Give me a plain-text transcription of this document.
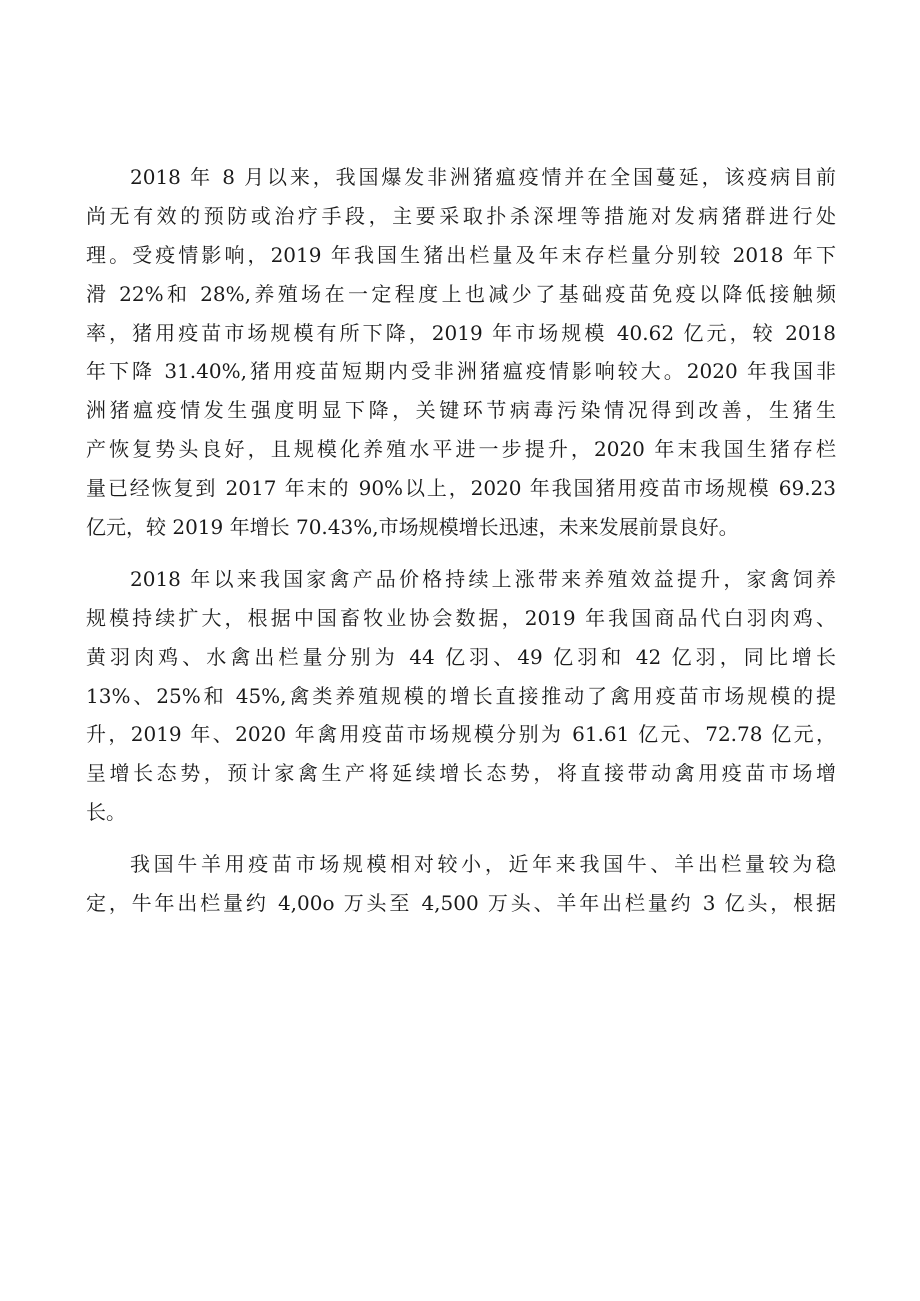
2018 年 8 月以来，我国爆发非洲猪瘟疫情并在全国蔓延，该疫病目前
尚无有效的预防或治疗手段，主要采取扑杀深埋等措施对发病猪群进行处
理。受疫情影响，2019 年我国生猪出栏量及年末存栏量分别较 2018 年下
滑 22%和 28%,养殖场在一定程度上也减少了基础疫苗免疫以降低接触频
率，猪用疫苗市场规模有所下降，2019 年市场规模 40.62 亿元，较 2018
年下降 31.40%,猪用疫苗短期内受非洲猪瘟疫情影响较大。2020 年我国非
洲猪瘟疫情发生强度明显下降，关键环节病毒污染情况得到改善，生猪生
产恢复势头良好，且规模化养殖水平进一步提升，2020 年末我国生猪存栏
量已经恢复到 2017 年末的 90%以上，2020 年我国猪用疫苗市场规模 69.23
亿元，较 2019 年增长 70.43%,市场规模增长迅速，未来发展前景良好。
2018 年以来我国家禽产品价格持续上涨带来养殖效益提升，家禽饲养
规模持续扩大，根据中国畜牧业协会数据，2019 年我国商品代白羽肉鸡、
黄羽肉鸡、水禽出栏量分别为 44 亿羽、49 亿羽和 42 亿羽，同比增长
13%、25%和 45%,禽类养殖规模的增长直接推动了禽用疫苗市场规模的提
升，2019 年、2020 年禽用疫苗市场规模分别为 61.61 亿元、72.78 亿元，
呈增长态势，预计家禽生产将延续增长态势，将直接带动禽用疫苗市场增
长。
我国牛羊用疫苗市场规模相对较小，近年来我国牛、羊出栏量较为稳
定，牛年出栏量约 4,00o 万头至 4,500 万头、羊年出栏量约 3 亿头，根据
